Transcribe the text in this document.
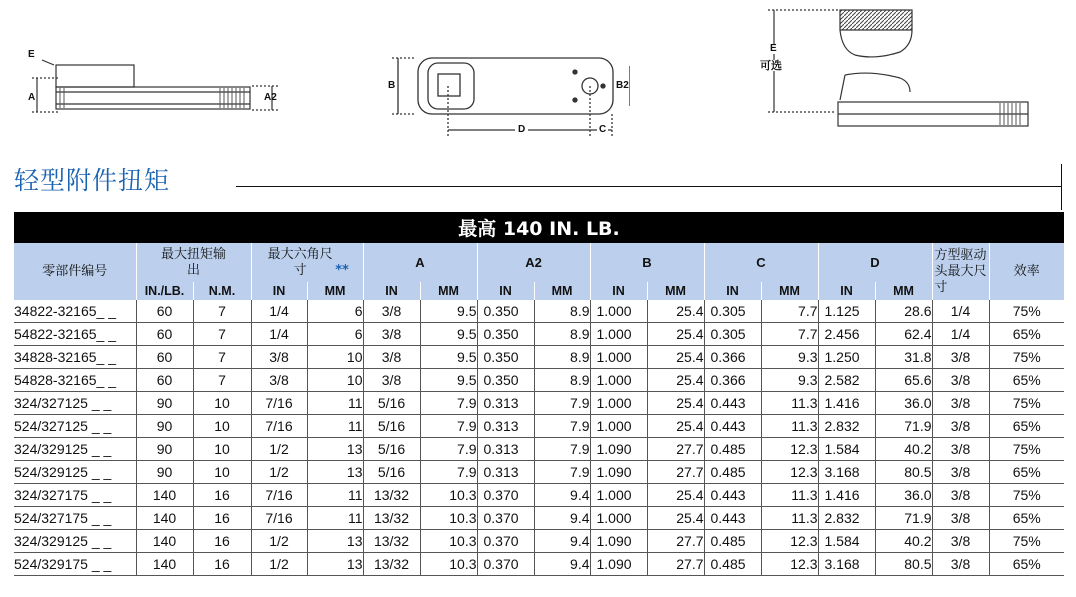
E
A	A2
B	B2
D	C
E
可选
轻型附件扭矩
最高 140 IN. LB.																
零部件编号	最大扭矩输出		最大六角尺寸 **		A		A2		B		C		D		方型驱动头最大尺寸	效率
	IN./LB.	N.M.	IN	MM	IN	MM	IN	MM	IN	MM	IN	MM	IN	MM		
34822-32165_ _	60	7	1/4	6	3/8	9.5	0.350	8.9	1.000	25.4	0.305	7.7	1.125	28.6	1/4	75%
54822-32165_ _	60	7	1/4	6	3/8	9.5	0.350	8.9	1.000	25.4	0.305	7.7	2.456	62.4	1/4	65%
34828-32165_ _	60	7	3/8	10	3/8	9.5	0.350	8.9	1.000	25.4	0.366	9.3	1.250	31.8	3/8	75%
54828-32165_ _	60	7	3/8	10	3/8	9.5	0.350	8.9	1.000	25.4	0.366	9.3	2.582	65.6	3/8	65%
324/327125 _ _	90	10	7/16	11	5/16	7.9	0.313	7.9	1.000	25.4	0.443	11.3	1.416	36.0	3/8	75%
524/327125 _ _	90	10	7/16	11	5/16	7.9	0.313	7.9	1.000	25.4	0.443	11.3	2.832	71.9	3/8	65%
324/329125 _ _	90	10	1/2	13	5/16	7.9	0.313	7.9	1.090	27.7	0.485	12.3	1.584	40.2	3/8	75%
524/329125 _ _	90	10	1/2	13	5/16	7.9	0.313	7.9	1.090	27.7	0.485	12.3	3.168	80.5	3/8	65%
324/327175 _ _	140	16	7/16	11	13/32	10.3	0.370	9.4	1.000	25.4	0.443	11.3	1.416	36.0	3/8	75%
524/327175 _ _	140	16	7/16	11	13/32	10.3	0.370	9.4	1.000	25.4	0.443	11.3	2.832	71.9	3/8	65%
324/329125 _ _	140	16	1/2	13	13/32	10.3	0.370	9.4	1.090	27.7	0.485	12.3	1.584	40.2	3/8	75%
524/329175 _ _	140	16	1/2	13	13/32	10.3	0.370	9.4	1.090	27.7	0.485	12.3	3.168	80.5	3/8	65%
